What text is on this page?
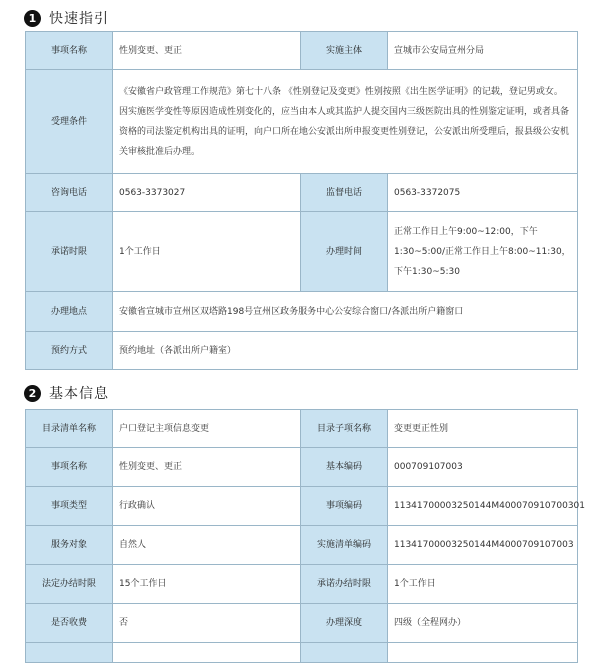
1 快速指引
事项名称	性别变更、更正	实施主体	宣城市公安局宣州分局
受理条件	《安徽省户政管理工作规范》第七十八条 《性别登记及变更》性别按照《出生医学证明》的记载，登记男或女。 因实施医学变性等原因造成性别变化的，应当由本人或其监护人提交国内三级医院出具的性别鉴定证明，或者具备资格的司法鉴定机构出具的证明，向户口所在地公安派出所申报变更性别登记，公安派出所受理后，报县级公安机关审核批准后办理。		
咨询电话	0563-3373027	监督电话	0563-3372075
承诺时限	1个工作日	办理时间	正常工作日上午9:00~12:00，下午1:30~5:00/正常工作日上午8:00~11:30，下午1:30~5:30
办理地点	安徽省宣城市宣州区双塔路198号宣州区政务服务中心公安综合窗口/各派出所户籍窗口		
预约方式	预约地址（各派出所户籍室）		
2 基本信息
目录清单名称	户口登记主项信息变更	目录子项名称	变更更正性别
事项名称	性别变更、更正	基本编码	000709107003
事项类型	行政确认	事项编码	11341700003250144M400070910700301
服务对象	自然人	实施清单编码	11341700003250144M4000709107003
法定办结时限	15个工作日	承诺办结时限	1个工作日
是否收费	否	办理深度	四级（全程网办）
